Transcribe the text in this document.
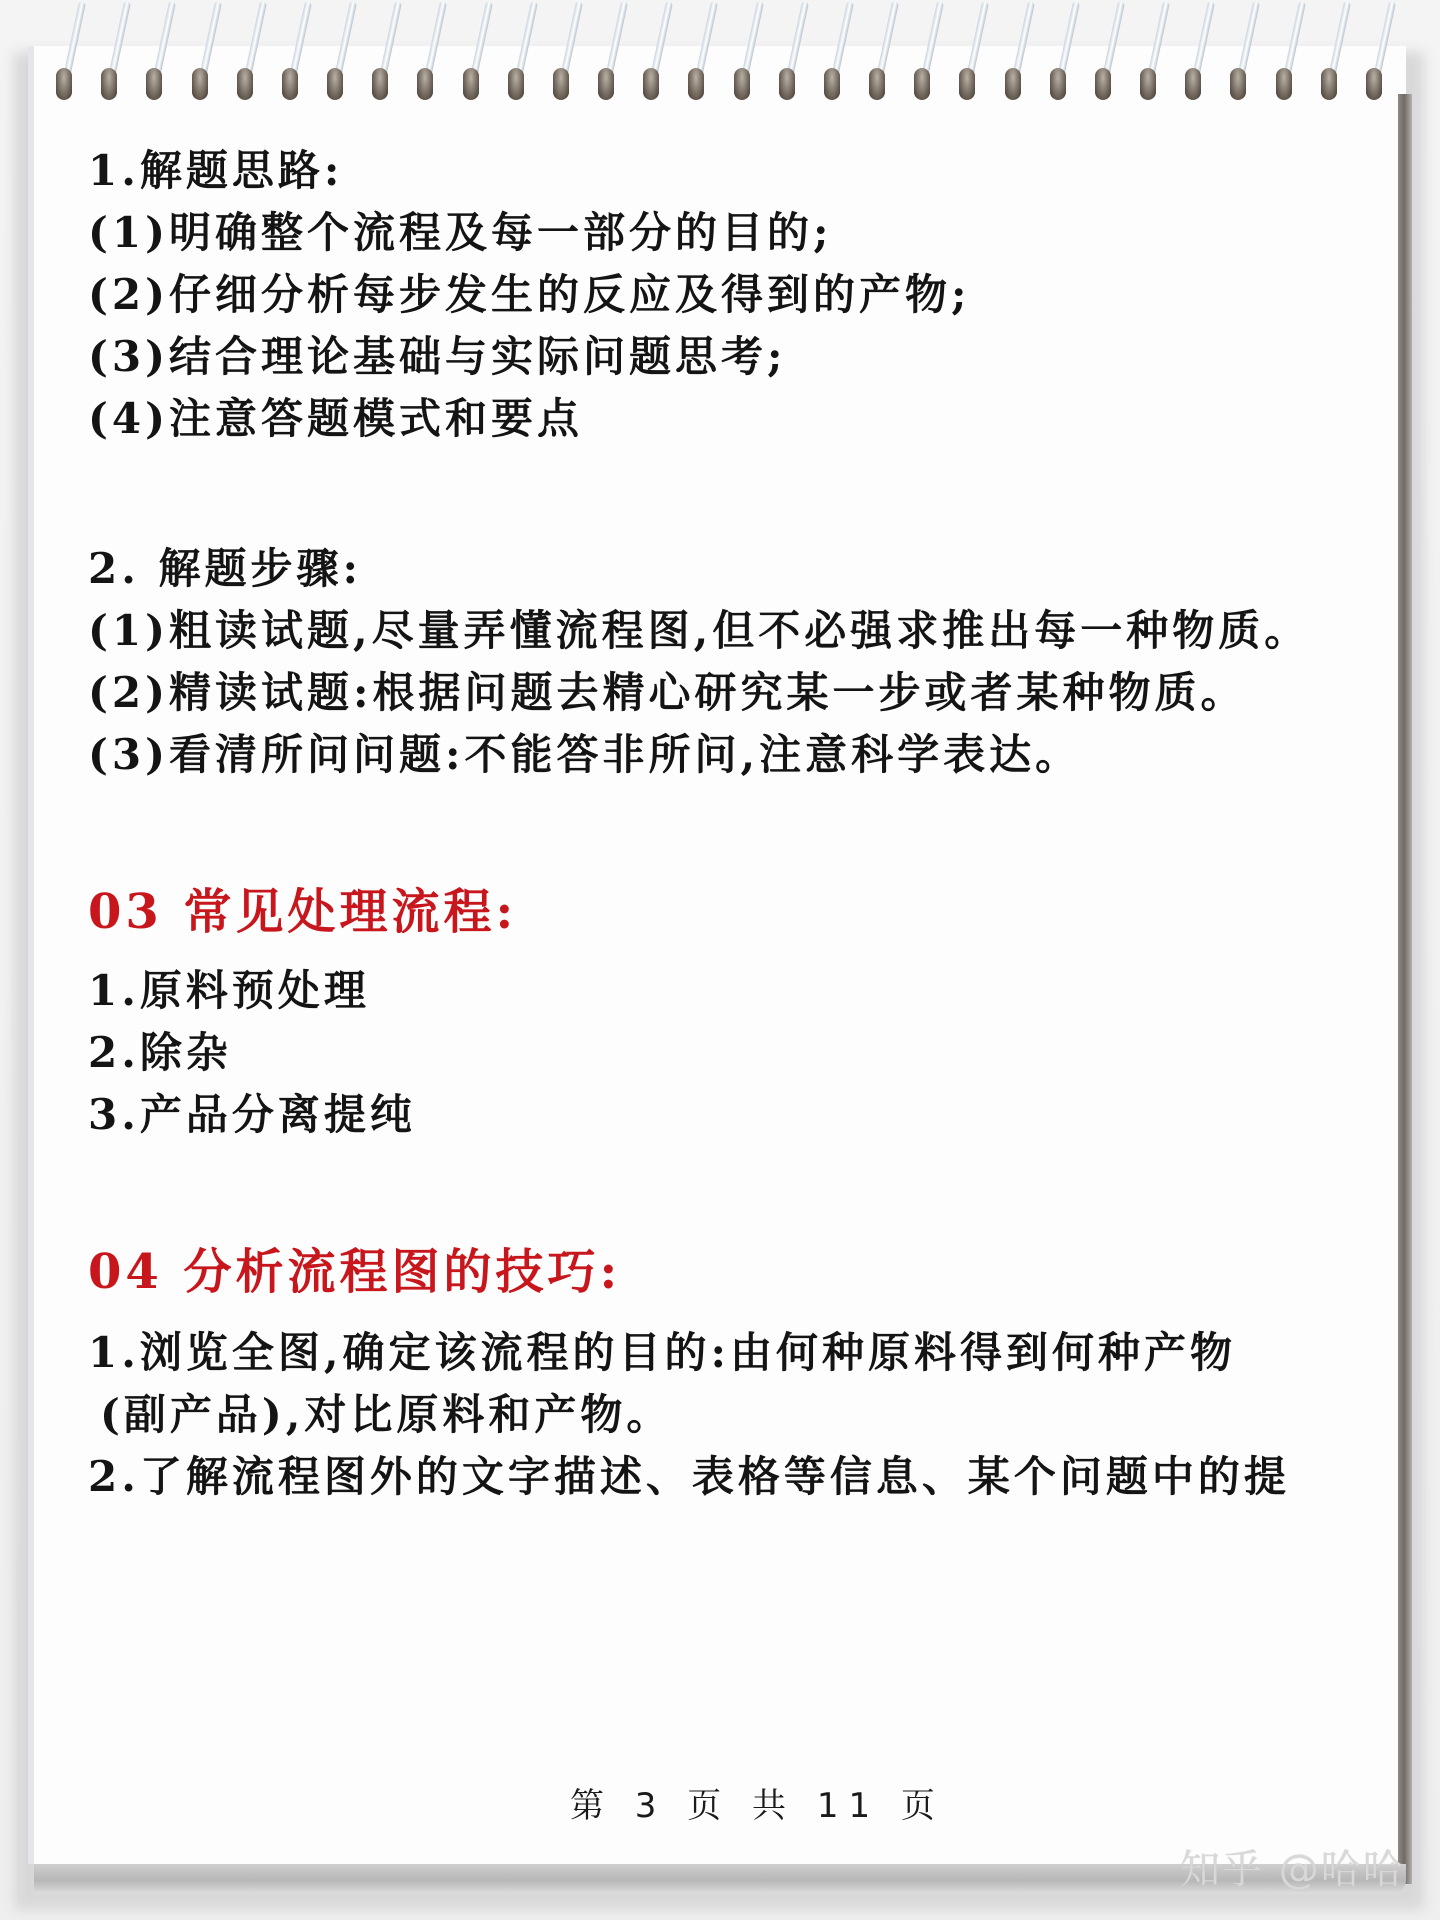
1.解题思路:
(1)明确整个流程及每一部分的目的;
(2)仔细分析每步发生的反应及得到的产物;
(3)结合理论基础与实际问题思考;
(4)注意答题模式和要点
2. 解题步骤:
(1)粗读试题,尽量弄懂流程图,但不必强求推出每一种物质。
(2)精读试题:根据问题去精心研究某一步或者某种物质。
(3)看清所问问题:不能答非所问,注意科学表达。
03 常见处理流程:
1.原料预处理
2.除杂
3.产品分离提纯
04 分析流程图的技巧:
1.浏览全图,确定该流程的目的:由何种原料得到何种产物
(副产品),对比原料和产物。
2.了解流程图外的文字描述、表格等信息、某个问题中的提
第 3 页 共 11 页
知乎 @哈哈
